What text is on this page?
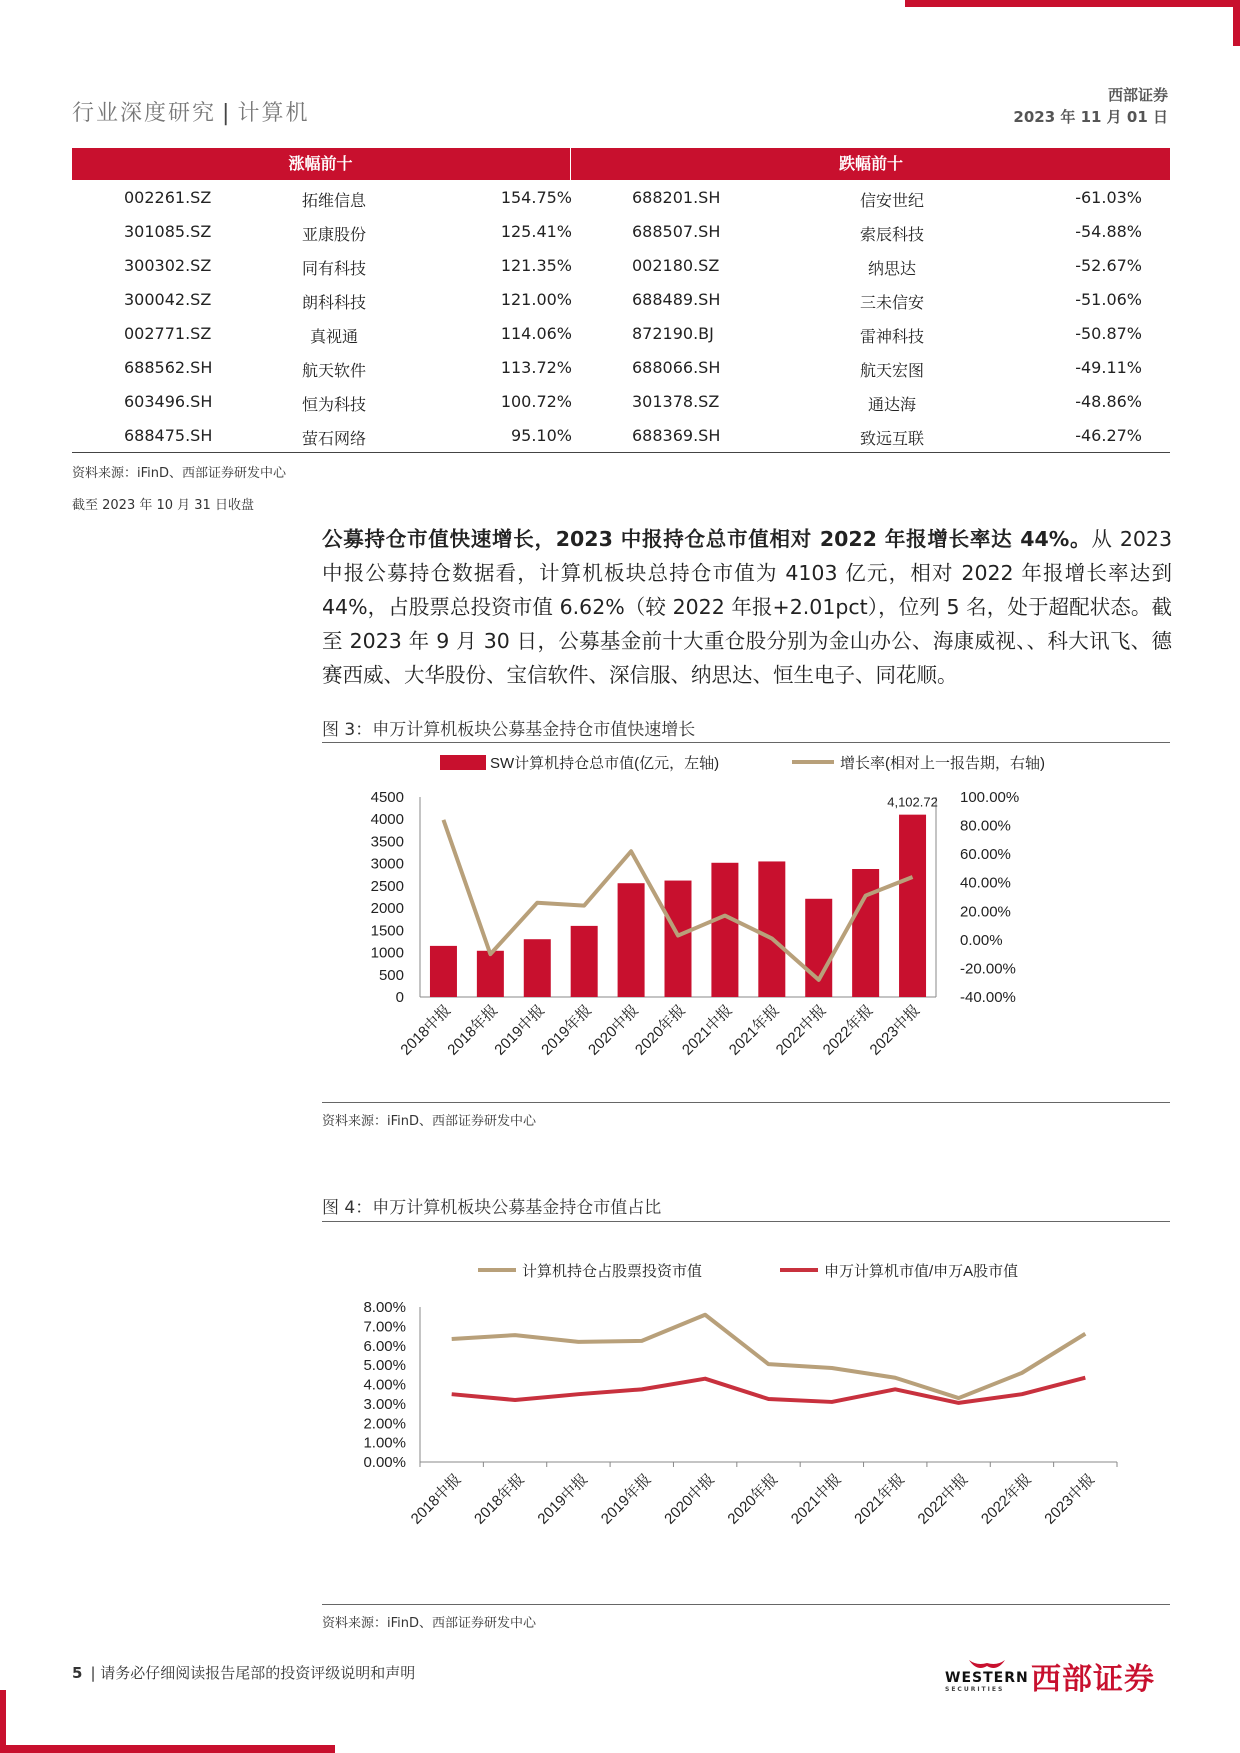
行业深度研究 | 计算机
西部证券
2023 年 11 月 01 日
涨幅前十	跌幅前十
002261.SZ	拓维信息	154.75%	688201.SH	信安世纪	-61.03%
301085.SZ	亚康股份	125.41%	688507.SH	索辰科技	-54.88%
300302.SZ	同有科技	121.35%	002180.SZ	纳思达	-52.67%
300042.SZ	朗科科技	121.00%	688489.SH	三未信安	-51.06%
002771.SZ	真视通	114.06%	872190.BJ	雷神科技	-50.87%
688562.SH	航天软件	113.72%	688066.SH	航天宏图	-49.11%
603496.SH	恒为科技	100.72%	301378.SZ	通达海	-48.86%
688475.SH	萤石网络	95.10%	688369.SH	致远互联	-46.27%
资料来源：iFinD、西部证券研发中心
截至 2023 年 10 月 31 日收盘
公募持仓市值快速增长，2023 中报持仓总市值相对 2022 年报增长率达 44%。从 2023 中报公募持仓数据看，计算机板块总持仓市值为 4103 亿元，相对 2022 年报增长率达到 44%，占股票总投资市值 6.62%（较 2022 年报+2.01pct），位列 5 名，处于超配状态。截至 2023 年 9 月 30 日，公募基金前十大重仓股分别为金山办公、海康威视、、科大讯飞、德赛西威、大华股份、宝信软件、深信服、纳思达、恒生电子、同花顺。
图 3：申万计算机板块公募基金持仓市值快速增长
SW计算机持仓总市值(亿元，左轴)	增长率(相对上一报告期，右轴)
4500
4000
3500
3000
2500
2000
1500
1000
500
0
100.00%
80.00%
60.00%
40.00%
20.00%
0.00%
-20.00%
-40.00%
4,102.72
2018中报
2018年报
2019中报
2019年报
2020中报
2020年报
2021中报
2021年报
2022中报
2022年报
2023中报
资料来源：iFinD、西部证券研发中心
图 4：申万计算机板块公募基金持仓市值占比
计算机持仓占股票投资市值	申万计算机市值/申万A股市值
8.00%
7.00%
6.00%
5.00%
4.00%
3.00%
2.00%
1.00%
0.00%
2018中报 2018年报 2019中报 2019年报 2020中报 2020年报 2021中报 2021年报 2022中报 2022年报 2023中报
资料来源：iFinD、西部证券研发中心
5 | 请务必仔细阅读报告尾部的投资评级说明和声明	WESTERN
SECURITIES 西部证券
